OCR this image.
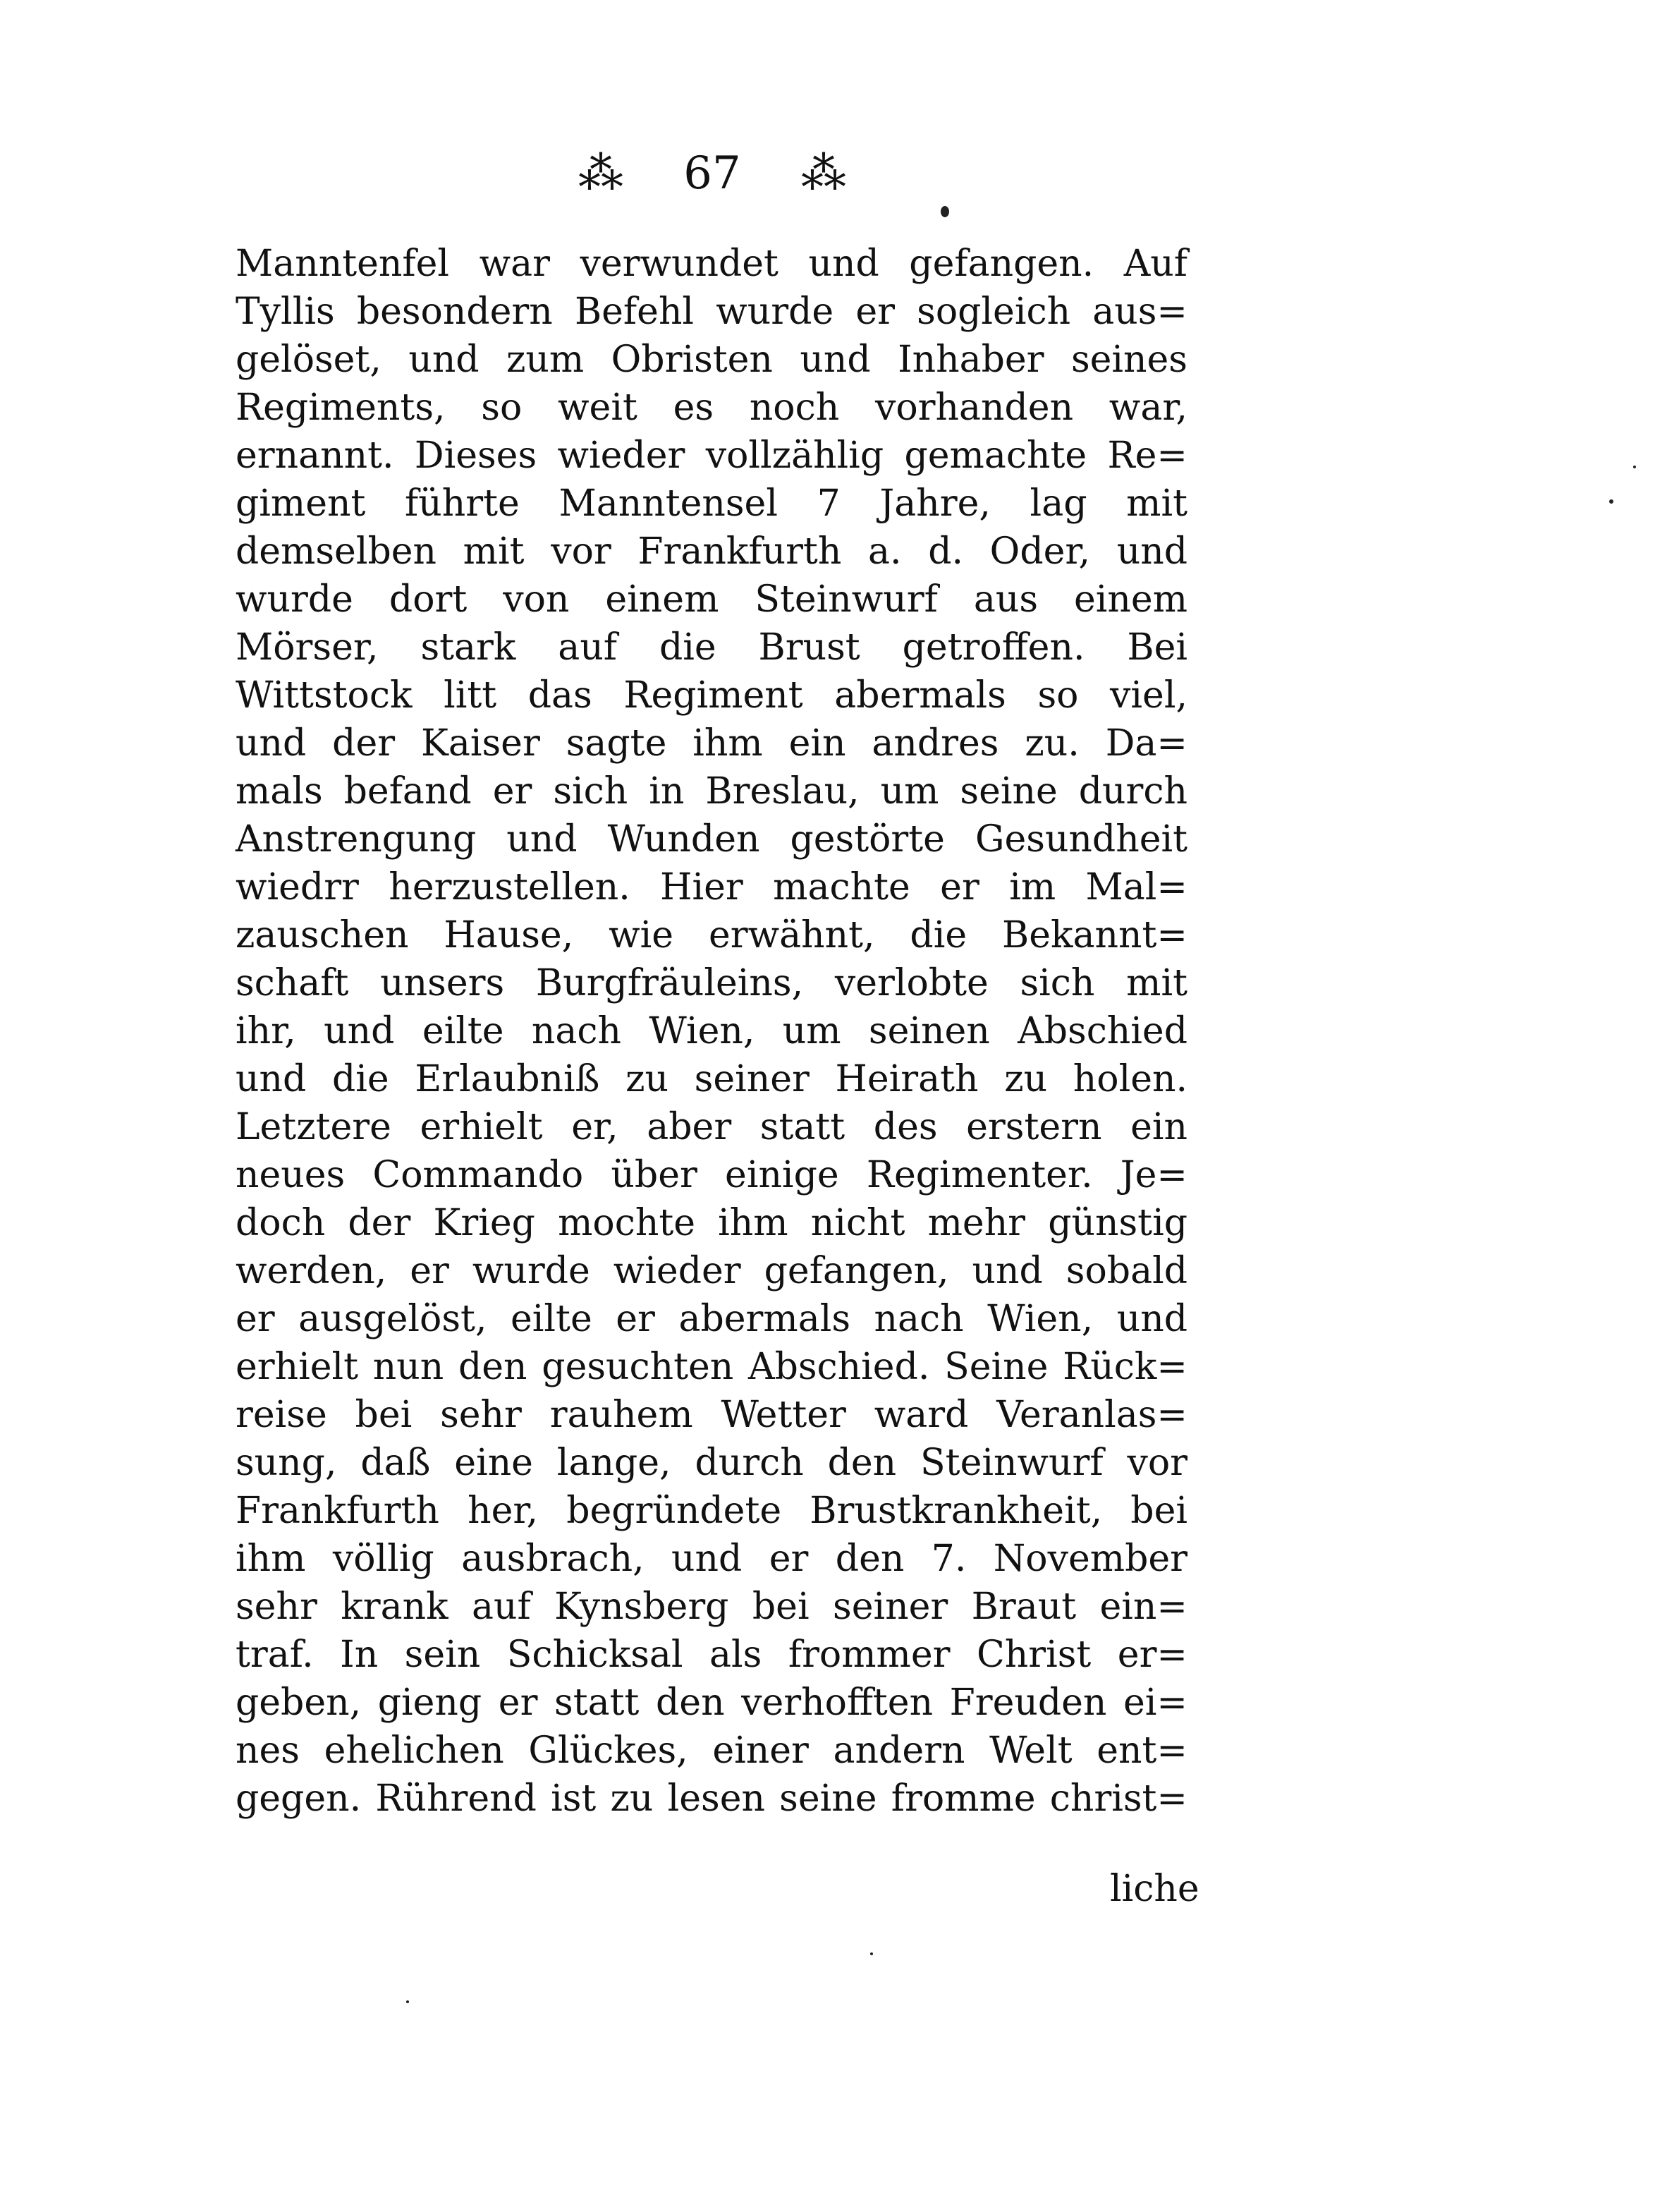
⁂ 67 ⁂
Manntenfel war verwundet und gefangen. Auf
Tyllis besondern Befehl wurde er sogleich aus=
gelöset, und zum Obristen und Inhaber seines
Regiments, so weit es noch vorhanden war,
ernannt. Dieses wieder vollzählig gemachte Re=
giment führte Manntensel 7 Jahre, lag mit
demselben mit vor Frankfurth a. d. Oder, und
wurde dort von einem Steinwurf aus einem
Mörser, stark auf die Brust getroffen. Bei
Wittstock litt das Regiment abermals so viel,
und der Kaiser sagte ihm ein andres zu. Da=
mals befand er sich in Breslau, um seine durch
Anstrengung und Wunden gestörte Gesundheit
wiedrr herzustellen. Hier machte er im Mal=
zauschen Hause, wie erwähnt, die Bekannt=
schaft unsers Burgfräuleins, verlobte sich mit
ihr, und eilte nach Wien, um seinen Abschied
und die Erlaubniß zu seiner Heirath zu holen.
Letztere erhielt er, aber statt des erstern ein
neues Commando über einige Regimenter. Je=
doch der Krieg mochte ihm nicht mehr günstig
werden, er wurde wieder gefangen, und sobald
er ausgelöst, eilte er abermals nach Wien, und
erhielt nun den gesuchten Abschied. Seine Rück=
reise bei sehr rauhem Wetter ward Veranlas=
sung, daß eine lange, durch den Steinwurf vor
Frankfurth her, begründete Brustkrankheit, bei
ihm völlig ausbrach, und er den 7. November
sehr krank auf Kynsberg bei seiner Braut ein=
traf. In sein Schicksal als frommer Christ er=
geben, gieng er statt den verhofften Freuden ei=
nes ehelichen Glückes, einer andern Welt ent=
gegen. Rührend ist zu lesen seine fromme christ=
liche
